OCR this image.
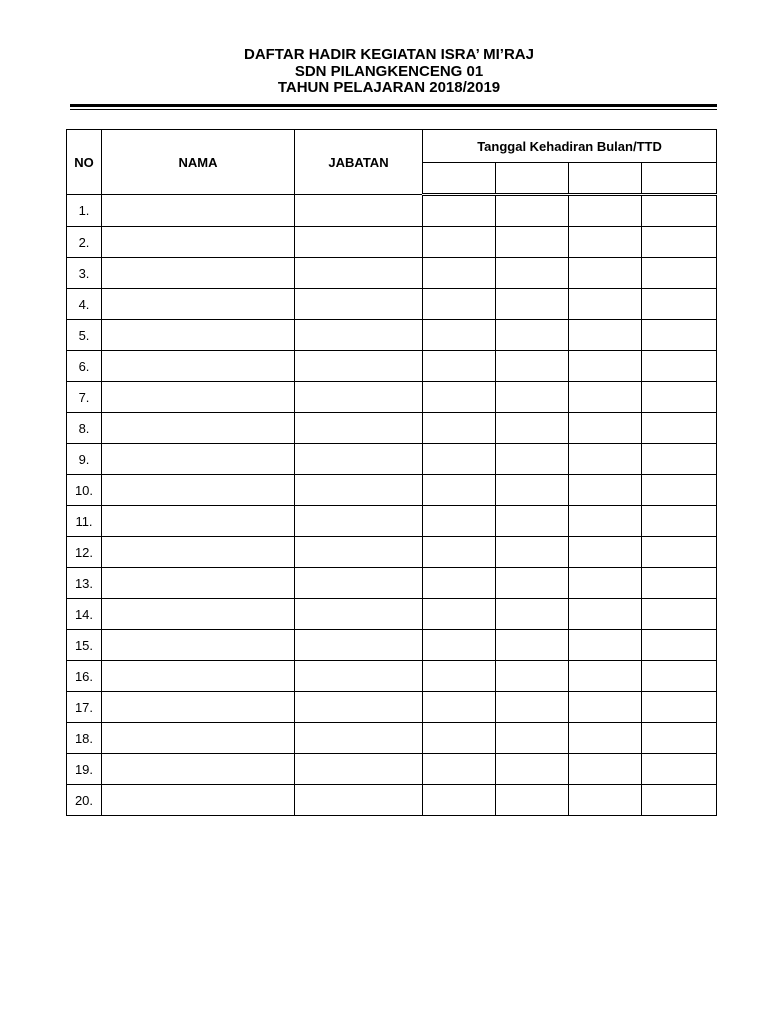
DAFTAR HADIR KEGIATAN ISRA’ MI’RAJ
SDN PILANGKENCENG 01
TAHUN PELAJARAN 2018/2019
NO	NAMA	JABATAN	Tanggal Kehadiran Bulan/TTD			

1.						
2.						
3.						
4.						
5.						
6.						
7.						
8.						
9.						
10.						
11.						
12.						
13.						
14.						
15.						
16.						
17.						
18.						
19.						
20.						
